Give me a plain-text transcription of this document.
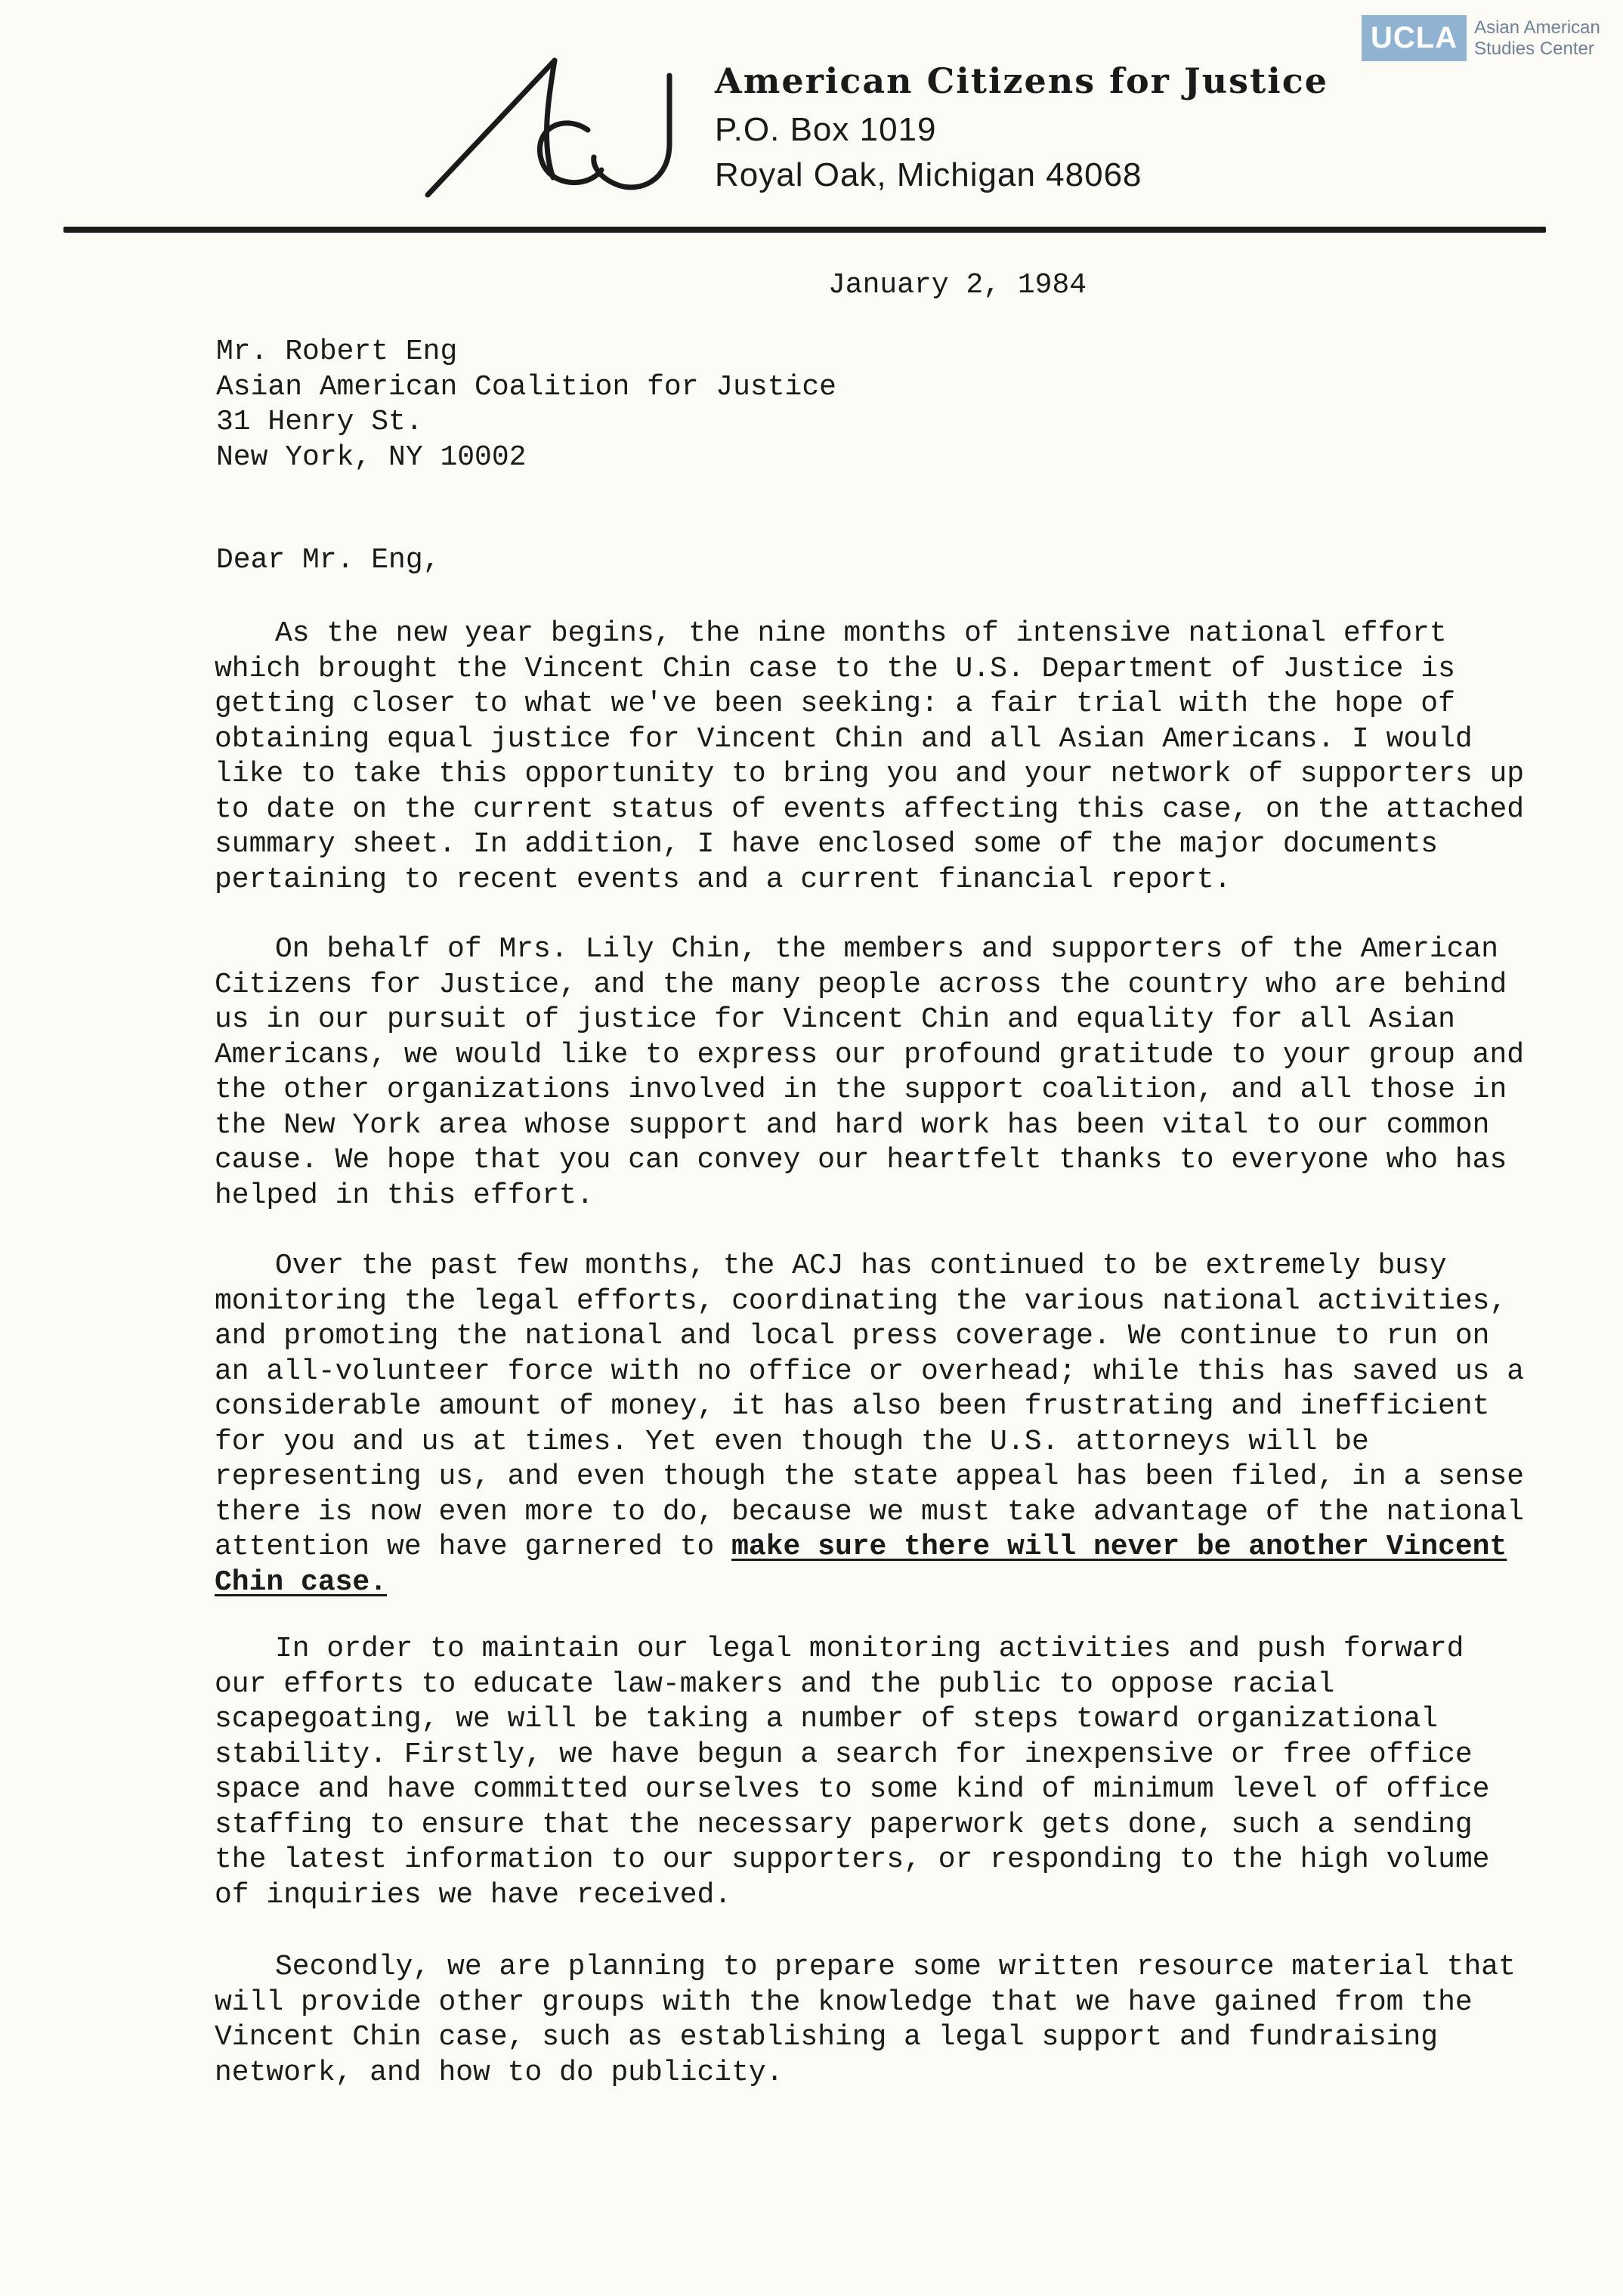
UCLA Asian American
Studies Center
American Citizens for Justice
P.O. Box 1019
Royal Oak, Michigan 48068
January 2, 1984
Mr. Robert Eng
Asian American Coalition for Justice
31 Henry St.
New York, NY 10002
Dear Mr. Eng,
As the new year begins, the nine months of intensive national effort
which brought the Vincent Chin case to the U.S. Department of Justice is
getting closer to what we've been seeking: a fair trial with the hope of
obtaining equal justice for Vincent Chin and all Asian Americans. I would
like to take this opportunity to bring you and your network of supporters up
to date on the current status of events affecting this case, on the attached
summary sheet. In addition, I have enclosed some of the major documents
pertaining to recent events and a current financial report.
On behalf of Mrs. Lily Chin, the members and supporters of the American
Citizens for Justice, and the many people across the country who are behind
us in our pursuit of justice for Vincent Chin and equality for all Asian
Americans, we would like to express our profound gratitude to your group and
the other organizations involved in the support coalition, and all those in
the New York area whose support and hard work has been vital to our common
cause. We hope that you can convey our heartfelt thanks to everyone who has
helped in this effort.
Over the past few months, the ACJ has continued to be extremely busy
monitoring the legal efforts, coordinating the various national activities,
and promoting the national and local press coverage. We continue to run on
an all-volunteer force with no office or overhead; while this has saved us a
considerable amount of money, it has also been frustrating and inefficient
for you and us at times. Yet even though the U.S. attorneys will be
representing us, and even though the state appeal has been filed, in a sense
there is now even more to do, because we must take advantage of the national
attention we have garnered to make sure there will never be another Vincent
Chin case.
In order to maintain our legal monitoring activities and push forward
our efforts to educate law-makers and the public to oppose racial
scapegoating, we will be taking a number of steps toward organizational
stability. Firstly, we have begun a search for inexpensive or free office
space and have committed ourselves to some kind of minimum level of office
staffing to ensure that the necessary paperwork gets done, such a sending
the latest information to our supporters, or responding to the high volume
of inquiries we have received.
Secondly, we are planning to prepare some written resource material that
will provide other groups with the knowledge that we have gained from the
Vincent Chin case, such as establishing a legal support and fundraising
network, and how to do publicity.
